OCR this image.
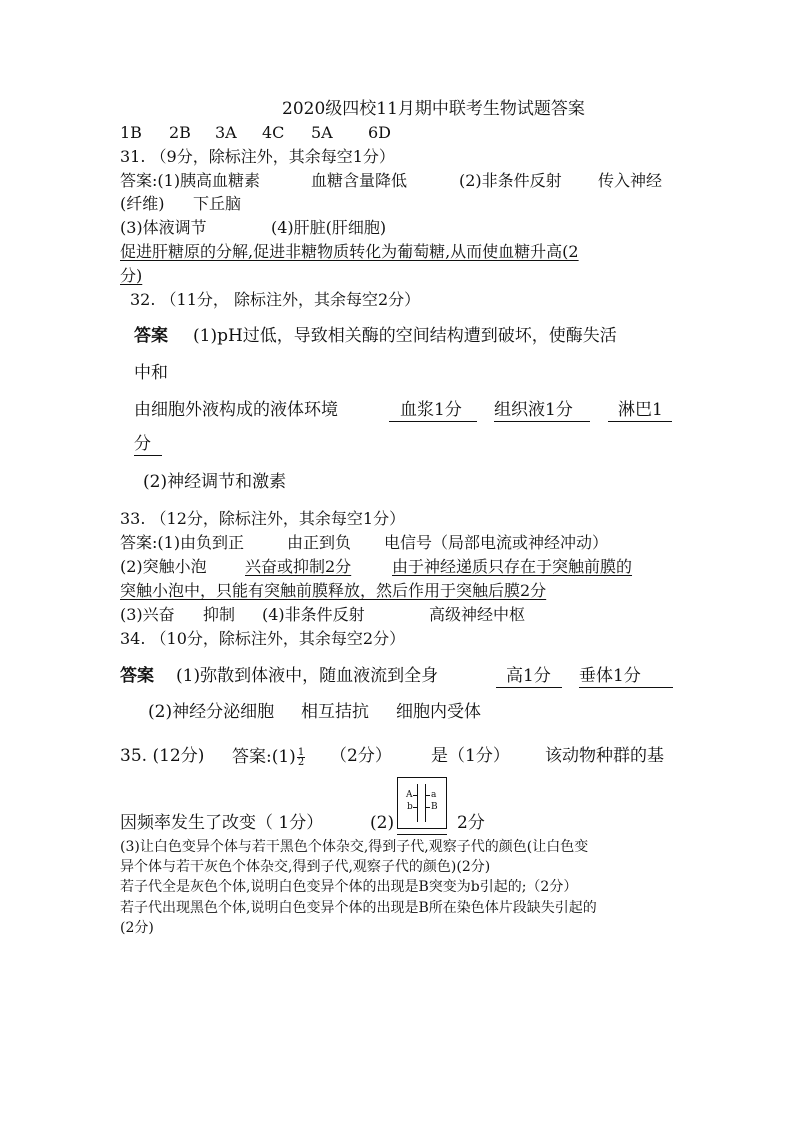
2020级四校11月期中联考生物试题答案
1B 2B 3A 4C 5A 6D
31. （9分，除标注外，其余每空1分）
答案:(1)胰高血糖素	血糖含量降低	(2)非条件反射 传入神经
(纤维) 下丘脑
(3)体液调节	(4)肝脏(肝细胞)
促进肝糖原的分解,促进非糖物质转化为葡萄糖,从而使血糖升高(2
分)
32. （11分， 除标注外，其余每空2分）
答案 (1)pH过低，导致相关酶的空间结构遭到破坏，使酶失活
中和
由细胞外液构成的液体环境	血浆1分 组织液1分	淋巴1
分
(2)神经调节和激素
33. （12分，除标注外，其余每空1分）
答案:(1)由负到正	由正到负 电信号（局部电流或神经冲动）
(2)突触小泡 兴奋或抑制2分	由于神经递质只存在于突触前膜的
突触小泡中，只能有突触前膜释放，然后作用于突触后膜2分
(3)兴奋 抑制 (4)非条件反射	高级神经中枢
34. （10分，除标注外，其余每空2分）
答案 (1)弥散到体液中，随血液流到全身	高1分 垂体1分
(2)神经分泌细胞 相互拮抗 细胞内受体
35. (12分) 答案:(1) $\frac{1}{2} (2$分） 是（1分） 该动物种群的基
因频率发生了改变（ 1分）	(2)
A a
b B
2分
(3)让白色变异个体与若干黑色个体杂交,得到子代,观察子代的颜色(让白色变
异个体与若干灰色个体杂交,得到子代,观察子代的颜色)(2分)
若子代全是灰色个体,说明白色变异个体的出现是B突变为b引起的;（2分）
若子代出现黑色个体,说明白色变异个体的出现是B所在染色体片段缺失引起的
(2分)
